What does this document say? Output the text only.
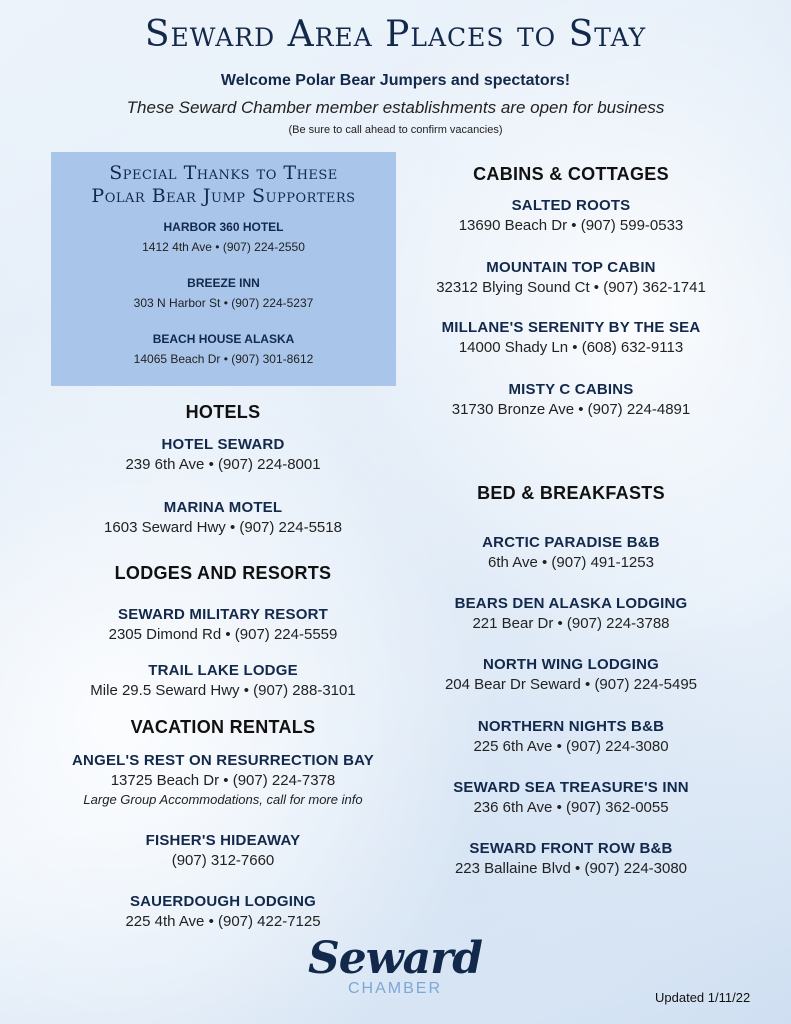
Seward Area Places to Stay
Welcome Polar Bear Jumpers and spectators!
These Seward Chamber member establishments are open for business
(Be sure to call ahead to confirm vacancies)
Special Thanks to These
Polar Bear Jump Supporters
HARBOR 360 HOTEL
1412 4th Ave • (907) 224-2550
BREEZE INN
303 N Harbor St • (907) 224-5237
BEACH HOUSE ALASKA
14065 Beach Dr • (907) 301-8612
HOTELS
HOTEL SEWARD
239 6th Ave • (907) 224-8001
MARINA MOTEL
1603 Seward Hwy • (907) 224-5518
LODGES AND RESORTS
SEWARD MILITARY RESORT
2305 Dimond Rd • (907) 224-5559
TRAIL LAKE LODGE
Mile 29.5 Seward Hwy • (907) 288-3101
VACATION RENTALS
ANGEL'S REST ON RESURRECTION BAY
13725 Beach Dr • (907) 224-7378
Large Group Accommodations, call for more info
FISHER'S HIDEAWAY
(907) 312-7660
SAUERDOUGH LODGING
225 4th Ave • (907) 422-7125
CABINS & COTTAGES
SALTED ROOTS
13690 Beach Dr • (907) 599-0533
MOUNTAIN TOP CABIN
32312 Blying Sound Ct • (907) 362-1741
MILLANE'S SERENITY BY THE SEA
14000 Shady Ln • (608) 632-9113
MISTY C CABINS
31730 Bronze Ave • (907) 224-4891
BED & BREAKFASTS
ARCTIC PARADISE B&B
6th Ave • (907) 491-1253
BEARS DEN ALASKA LODGING
221 Bear Dr • (907) 224-3788
NORTH WING LODGING
204 Bear Dr Seward • (907) 224-5495
NORTHERN NIGHTS B&B
225 6th Ave • (907) 224-3080
SEWARD SEA TREASURE'S INN
236 6th Ave • (907) 362-0055
SEWARD FRONT ROW B&B
223 Ballaine Blvd • (907) 224-3080
Seward
CHAMBER
Updated 1/11/22
